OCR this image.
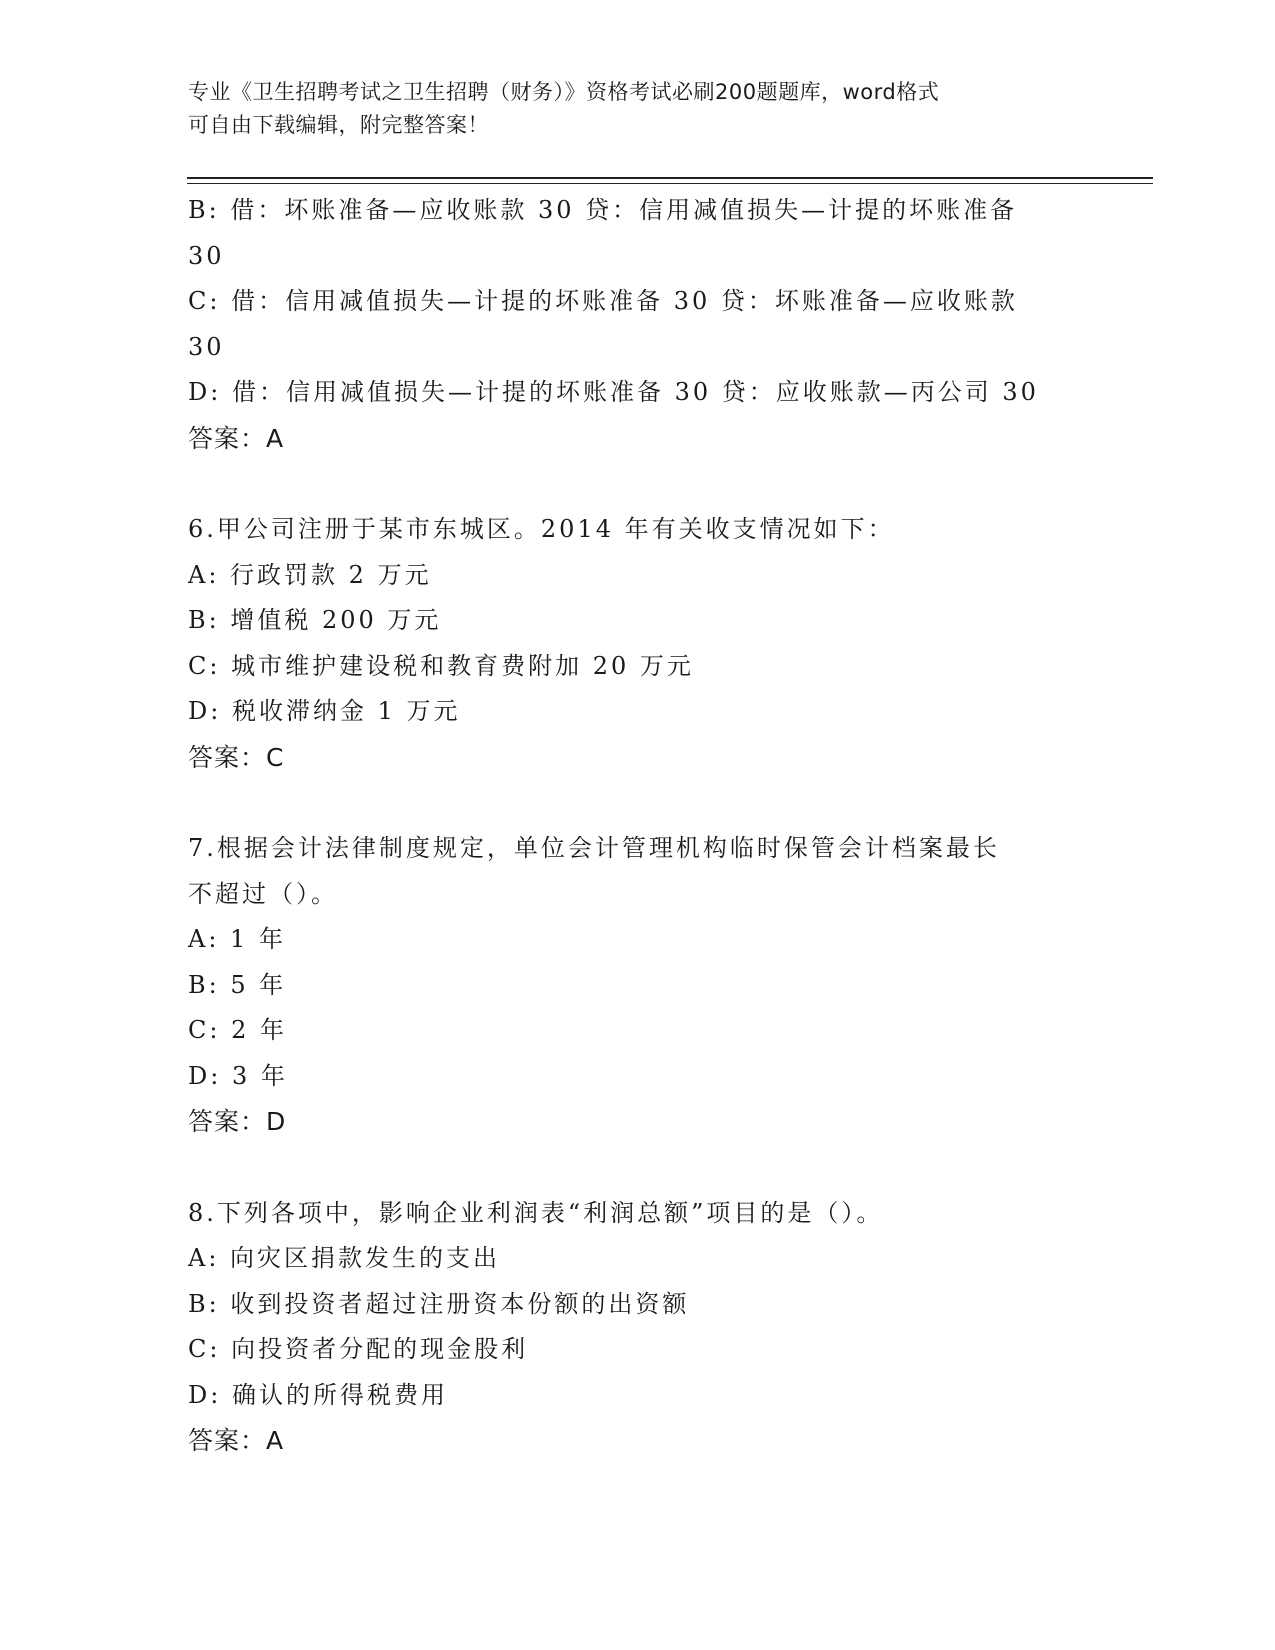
专业《卫生招聘考试之卫生招聘（财务）》资格考试必刷200题题库，word格式
可自由下载编辑，附完整答案！
B: 借：坏账准备—应收账款 30 贷：信用减值损失—计提的坏账准备
30
C: 借：信用减值损失—计提的坏账准备 30 贷：坏账准备—应收账款
30
D: 借：信用减值损失—计提的坏账准备 30 贷：应收账款—丙公司 30
答案：A
6.甲公司注册于某市东城区。2014 年有关收支情况如下：
A: 行政罚款 2 万元
B: 增值税 200 万元
C: 城市维护建设税和教育费附加 20 万元
D: 税收滞纳金 1 万元
答案：C
7.根据会计法律制度规定，单位会计管理机构临时保管会计档案最长
不超过（）。
A: 1 年
B: 5 年
C: 2 年
D: 3 年
答案：D
8.下列各项中，影响企业利润表“利润总额”项目的是（）。
A: 向灾区捐款发生的支出
B: 收到投资者超过注册资本份额的出资额
C: 向投资者分配的现金股利
D: 确认的所得税费用
答案：A
